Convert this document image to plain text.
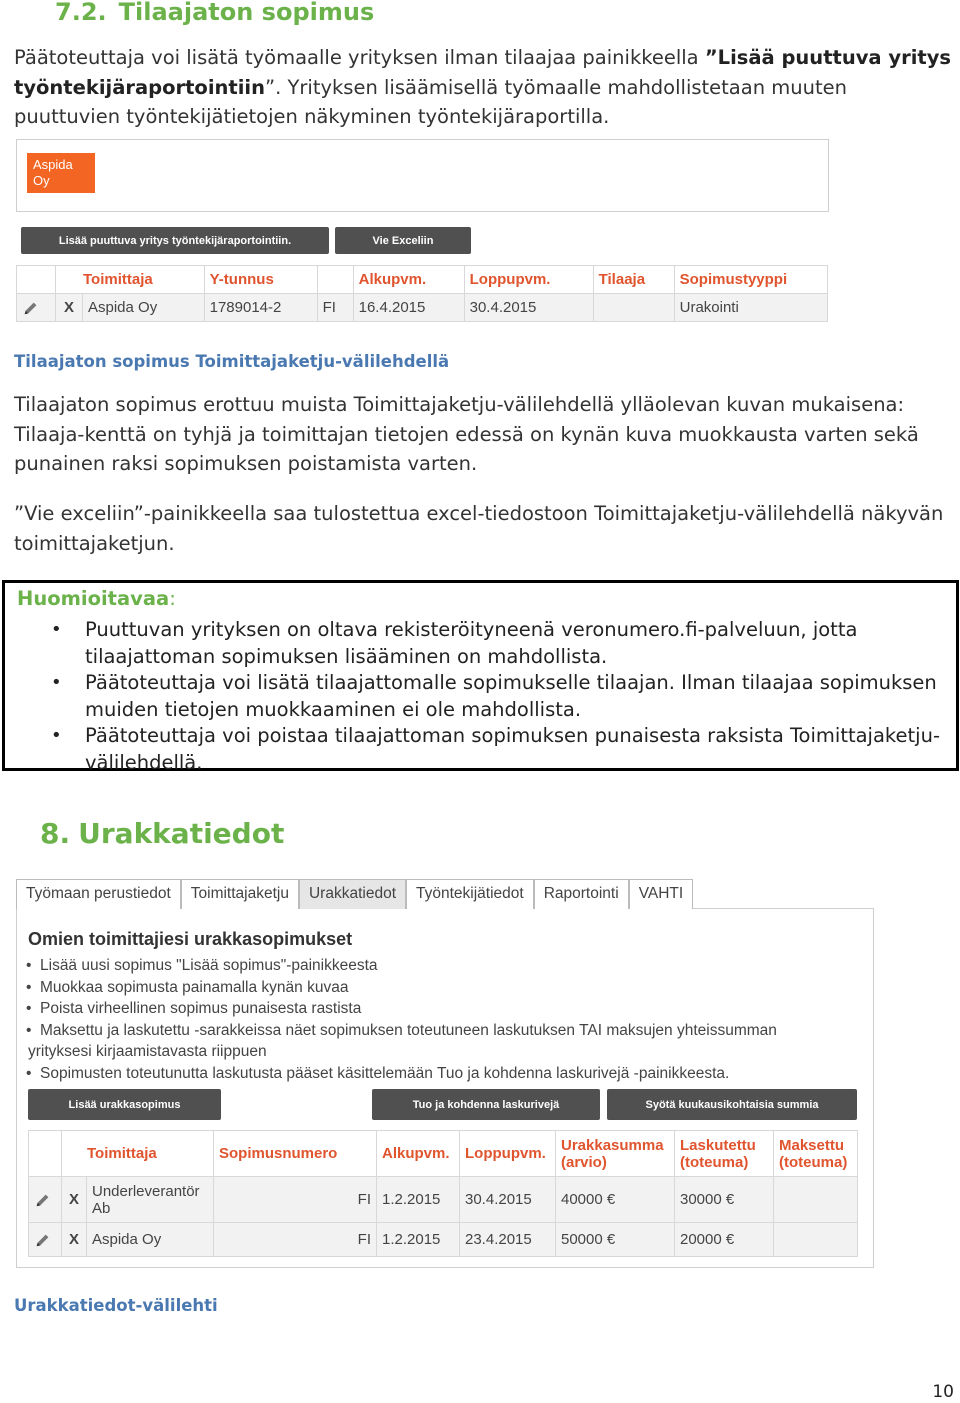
7.2. Tilaajaton sopimus
Päätoteuttaja voi lisätä työmaalle yrityksen ilman tilaajaa painikkeella ”Lisää puuttuva yritys työntekijäraportointiin”. Yrityksen lisäämisellä työmaalle mahdollistetaan muuten puuttuvien työntekijätietojen näkyminen työntekijäraportilla.
Aspida Oy
Lisää puuttuva yritys työntekijäraportointiin.	Vie Exceliin
	Toimittaja		Y-tunnus		Alkupvm.	Loppupvm.	Tilaaja	Sopimustyyppi
	X	Aspida Oy	1789014-2	FI	16.4.2015	30.4.2015		Urakointi
Tilaajaton sopimus Toimittajaketju-välilehdellä
Tilaajaton sopimus erottuu muista Toimittajaketju-välilehdellä ylläolevan kuvan mukaisena: Tilaaja-kenttä on tyhjä ja toimittajan tietojen edessä on kynän kuva muokkausta varten sekä punainen raksi sopimuksen poistamista varten.
”Vie exceliin”-painikkeella saa tulostettua excel-tiedostoon Toimittajaketju-välilehdellä näkyvän toimittajaketjun.
Huomioitavaa:
• Puuttuvan yrityksen on oltava rekisteröityneenä veronumero.fi-palveluun, jotta tilaajattoman sopimuksen lisääminen on mahdollista.
• Päätoteuttaja voi lisätä tilaajattomalle sopimukselle tilaajan. Ilman tilaajaa sopimuksen muiden tietojen muokkaaminen ei ole mahdollista.
• Päätoteuttaja voi poistaa tilaajattoman sopimuksen punaisesta raksista Toimittajaketju-välilehdellä.
8. Urakkatiedot
Työmaan perustiedot	Toimittajaketju	Urakkatiedot	Työntekijätiedot	Raportointi	VAHTI
Omien toimittajiesi urakkasopimukset
• Lisää uusi sopimus "Lisää sopimus"-painikkeesta
• Muokkaa sopimusta painamalla kynän kuvaa
• Poista virheellinen sopimus punaisesta rastista
• Maksettu ja laskutettu -sarakkeissa näet sopimuksen toteutuneen laskutuksen TAI maksujen yhteissumman
yrityksesi kirjaamistavasta riippuen
• Sopimusten toteutunutta laskutusta pääset käsittelemään Tuo ja kohdenna laskurivejä -painikkeesta.
Lisää urakkasopimus	Tuo ja kohdenna laskurivejä	Syötä kuukausikohtaisia summia
	Toimittaja		Sopimusnumero	Alkupvm.	Loppupvm.	Urakkasumma (arvio)	Laskutettu (toteuma)	Maksettu (toteuma)
	X	Underleverantör Ab	FI	1.2.2015	30.4.2015	40000 €	30000 €	
	X	Aspida Oy	FI	1.2.2015	23.4.2015	50000 €	20000 €	
Urakkatiedot-välilehti
10
